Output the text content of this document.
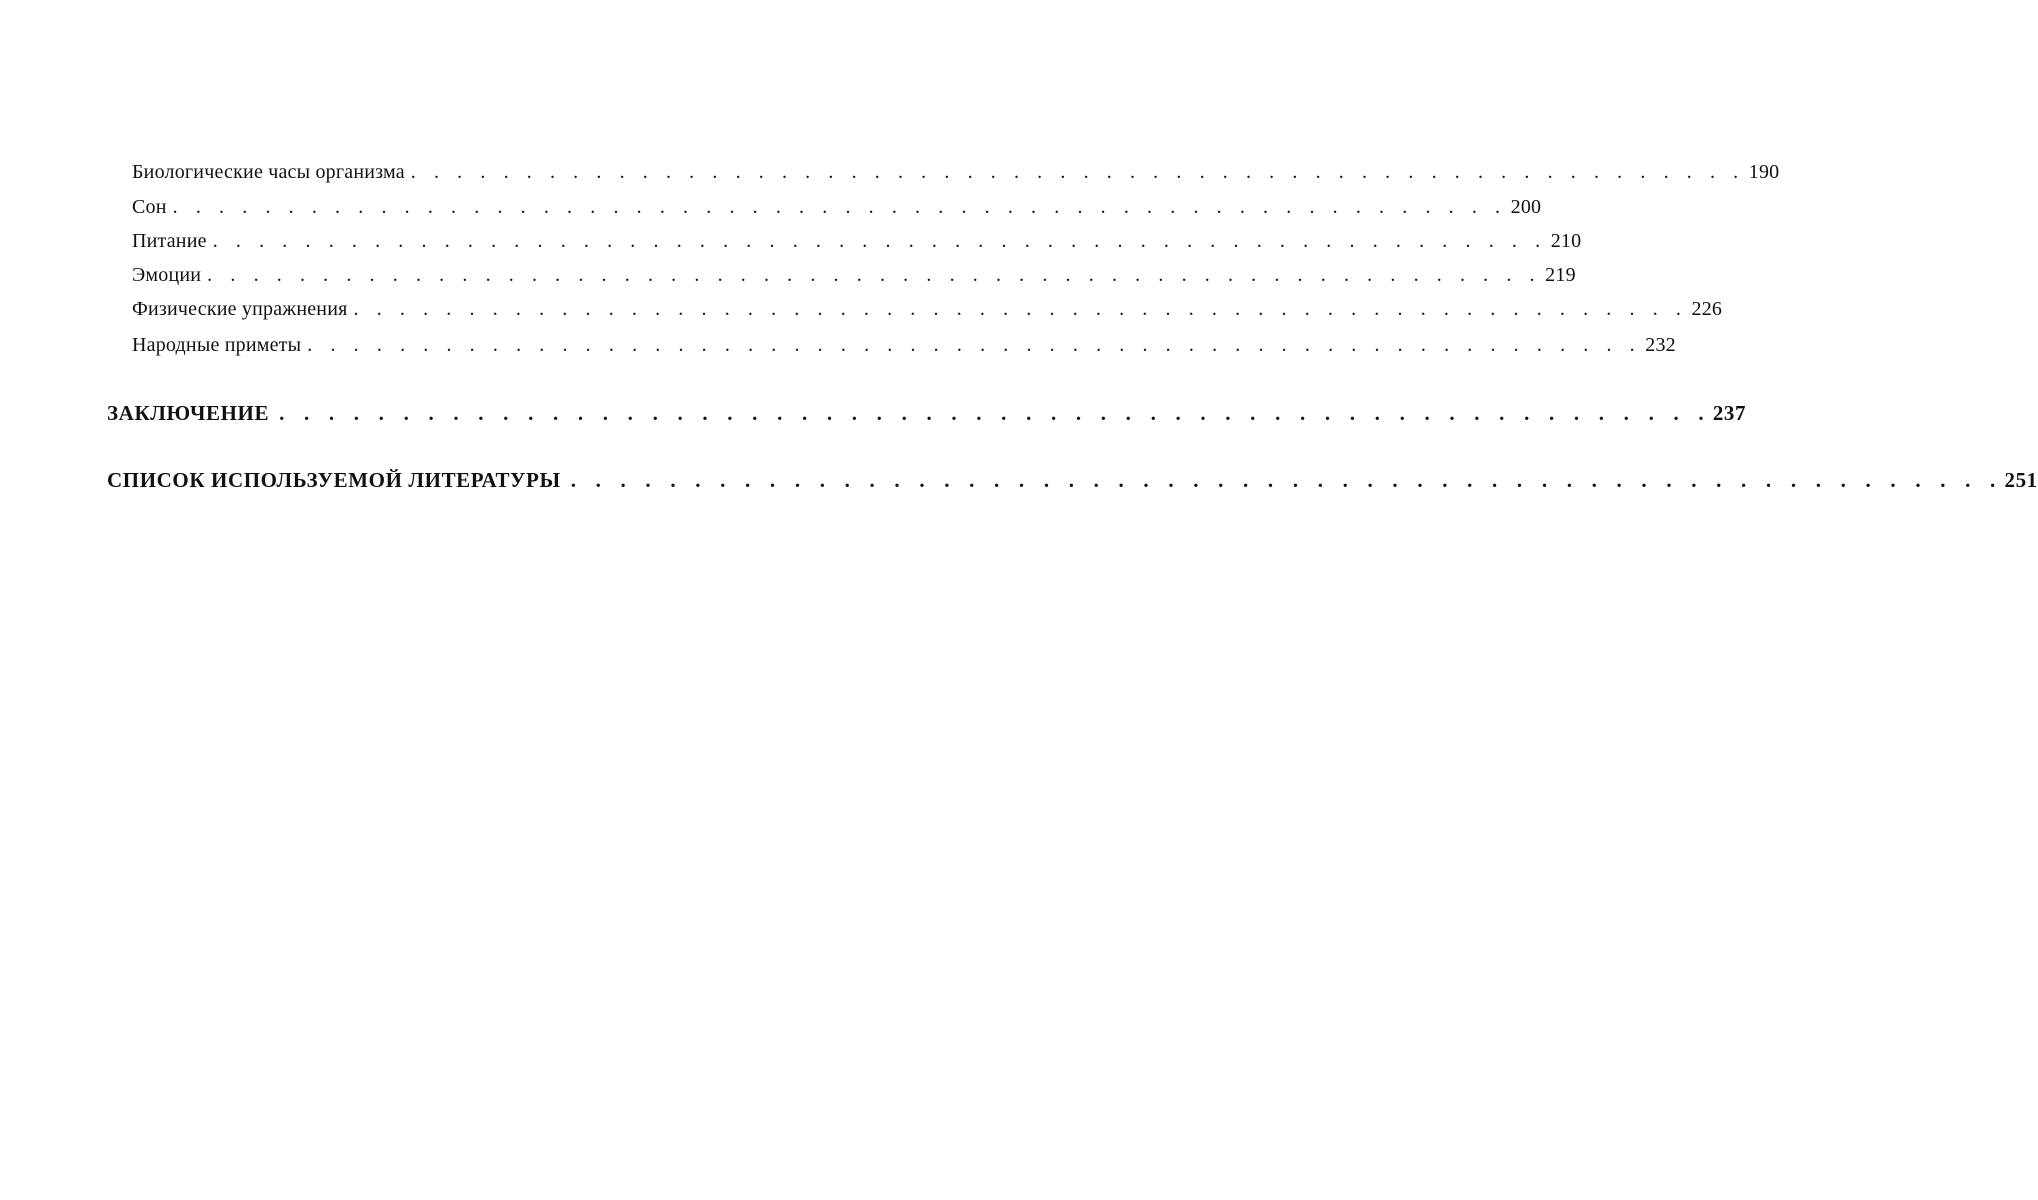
Биологические часы организма . . . . . . . . . . . . . . . . . . . . . . . . . . . . . . . . . . . . . . . . . . . . . . . . . . . . . . . . . . 190
Сон . . . . . . . . . . . . . . . . . . . . . . . . . . . . . . . . . . . . . . . . . . . . . . . . . . . . . . . . . . 200
Питание . . . . . . . . . . . . . . . . . . . . . . . . . . . . . . . . . . . . . . . . . . . . . . . . . . . . . . . . . . 210
Эмоции . . . . . . . . . . . . . . . . . . . . . . . . . . . . . . . . . . . . . . . . . . . . . . . . . . . . . . . . . . 219
Физические упражнения . . . . . . . . . . . . . . . . . . . . . . . . . . . . . . . . . . . . . . . . . . . . . . . . . . . . . . . . . . 226
Народные приметы . . . . . . . . . . . . . . . . . . . . . . . . . . . . . . . . . . . . . . . . . . . . . . . . . . . . . . . . . . 232
ЗАКЛЮЧЕНИЕ . . . . . . . . . . . . . . . . . . . . . . . . . . . . . . . . . . . . . . . . . . . . . . . . . . . . . . . . . . 237
СПИСОК ИСПОЛЬЗУЕМОЙ ЛИТЕРАТУРЫ . . . . . . . . . . . . . . . . . . . . . . . . . . . . . . . . . . . . . . . . . . . . . . . . . . . . . . . . . . 251
